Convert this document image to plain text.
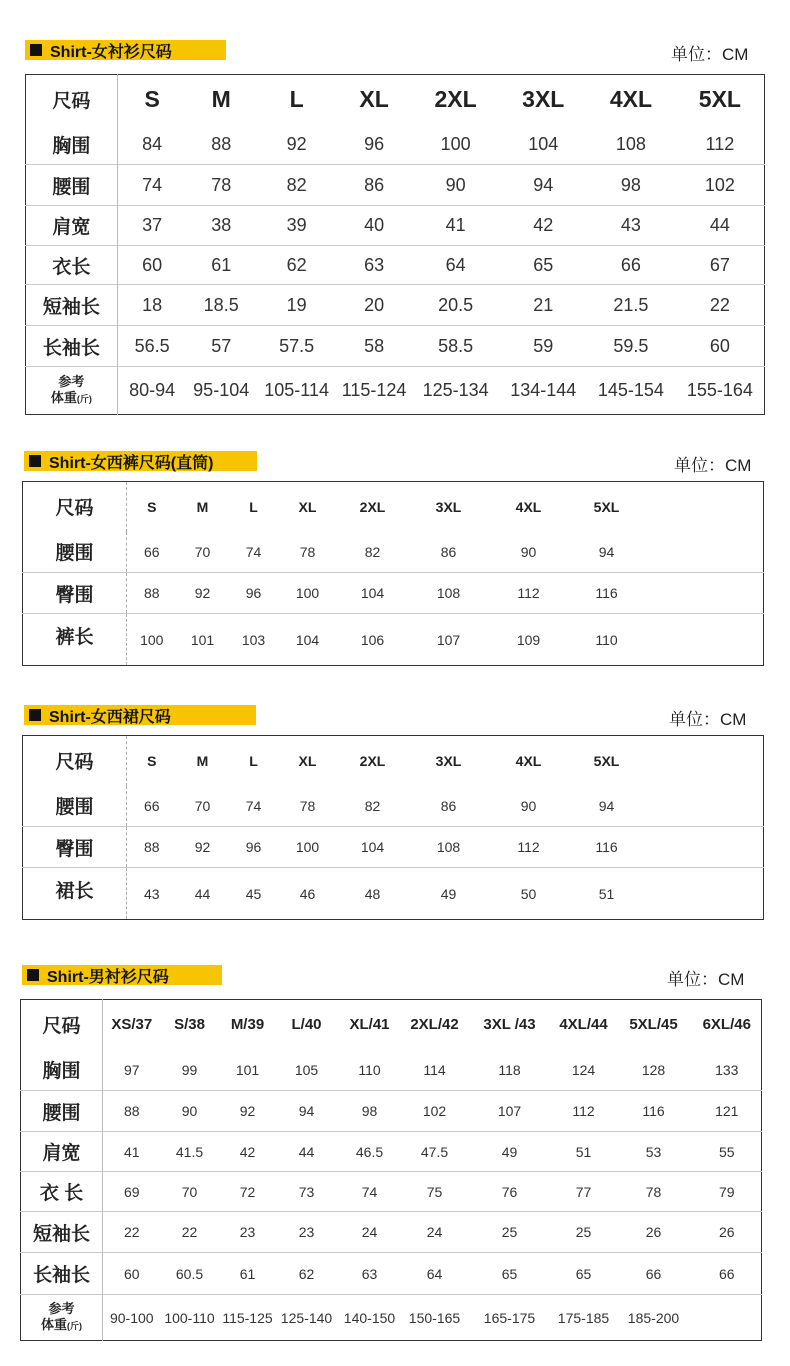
Shirt-女衬衫尺码	单位：CM
尺码	S	M	L	XL	2XL	3XL	4XL	5XL
胸围	84	88	92	96	100	104	108	112
腰围	74	78	82	86	90	94	98	102
肩宽	37	38	39	40	41	42	43	44
衣长	60	61	62	63	64	65	66	67
短袖长	18	18.5	19	20	20.5	21	21.5	22
长袖长	56.5	57	57.5	58	58.5	59	59.5	60
参考
体重(斤)	80-94	95-104	105-114	115-124	125-134	134-144	145-154	155-164
Shirt-女西裤尺码(直筒)	单位：CM
尺码	S	M	L	XL	2XL	3XL	4XL	5XL	
腰围	66	70	74	78	82	86	90	94	
臀围	88	92	96	100	104	108	112	116	
裤长	100	101	103	104	106	107	109	110	
Shirt-女西裙尺码	单位：CM
尺码	S	M	L	XL	2XL	3XL	4XL	5XL	
腰围	66	70	74	78	82	86	90	94	
臀围	88	92	96	100	104	108	112	116	
裙长	43	44	45	46	48	49	50	51	
Shirt-男衬衫尺码	单位：CM
尺码	XS/37	S/38	M/39	L/40	XL/41	2XL/42	3XL /43	4XL/44	5XL/45	6XL/46
胸围	97	99	101	105	110	114	118	124	128	133
腰围	88	90	92	94	98	102	107	112	116	121
肩宽	41	41.5	42	44	46.5	47.5	49	51	53	55
衣 长	69	70	72	73	74	75	76	77	78	79
短袖长	22	22	23	23	24	24	25	25	26	26
长袖长	60	60.5	61	62	63	64	65	65	66	66
参考
体重(斤)	90-100	100-110	115-125	125-140	140-150	150-165	165-175	175-185	185-200	
